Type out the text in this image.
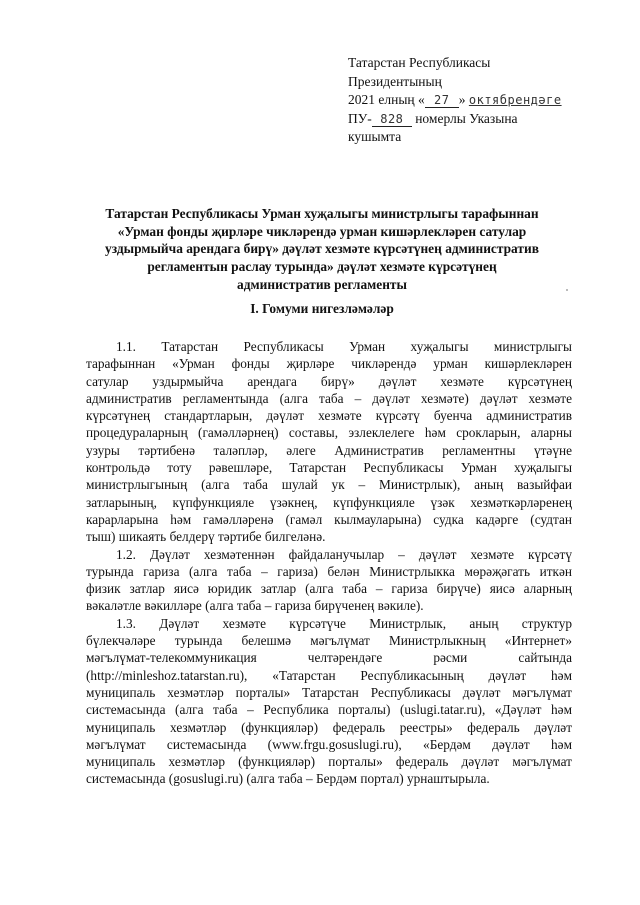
Татарстан Республикасы
Президентының
2021 елның « 27 » октябрендәге
ПУ- 828 номерлы Указына
кушымта
Татарстан Республикасы Урман хуҗалыгы министрлыгы тарафыннан
«Урман фонды җирләре чикләрендә урман кишәрлекләрен сатулар
уздырмыйча арендага бирү» дәүләт хезмәте күрсәтүнең административ
регламентын раслау турында» дәүләт хезмәте күрсәтүнең
административ регламенты
I. Гомуми нигезләмәләр

1.1. Татарстан Республикасы Урман хуҗалыгы министрлыгы
тарафыннан «Урман фонды җирләре чикләрендә урман кишәрлекләрен
сатулар уздырмыйча арендага бирү» дәүләт хезмәте күрсәтүнең
административ регламентында (алга таба – дәүләт хезмәте) дәүләт хезмәте
күрсәтүнең стандартларын, дәүләт хезмәте күрсәтү буенча административ
процедураларның (гамәлләрнең) составы, эзлеклелеге һәм срокларын, аларны
узуры тәртибенә таләпләр, әлеге Административ регламентны үтәүне
контрольдә тоту рәвешләре, Татарстан Республикасы Урман хуҗалыгы
министрлыгының (алга таба шулай ук – Министрлык), аның вазыйфаи
затларының, күпфункцияле үзәкнең, күпфункцияле үзәк хезмәткәрләренең
карарларына һәм гамәлләренә (гамәл кылмауларына) судка кадәрге (судтан
тыш) шикаять белдерү тәртибе билгеләнә.

1.2. Дәүләт хезмәтеннән файдаланучылар – дәүләт хезмәте күрсәтү
турында гариза (алга таба – гариза) белән Министрлыкка мөрәҗәгать иткән
физик затлар яисә юридик затлар (алга таба – гариза бирүче) яисә аларның
вәкаләтле вәкилләре (алга таба – гариза бирүченең вәкиле).

1.3. Дәүләт хезмәте күрсәтүче Министрлык, аның структур
бүлекчәләре турында белешмә мәгълүмат Министрлыкның «Интернет»
мәгълүмат-телекоммуникация челтәрендәге рәсми сайтында
(http://minleshoz.tatarstan.ru), «Татарстан Республикасының дәүләт һәм
муниципаль хезмәтләр порталы» Татарстан Республикасы дәүләт мәгълүмат
системасында (алга таба – Республика порталы) (uslugi.tatar.ru), «Дәүләт һәм
муниципаль хезмәтләр (функцияләр) федераль реестры» федераль дәүләт
мәгълүмат системасында (www.frgu.gosuslugi.ru), «Бердәм дәүләт һәм
муниципаль хезмәтләр (функцияләр) порталы» федераль дәүләт мәгълүмат
системасында (gosuslugi.ru) (алга таба – Бердәм портал) урнаштырыла.
